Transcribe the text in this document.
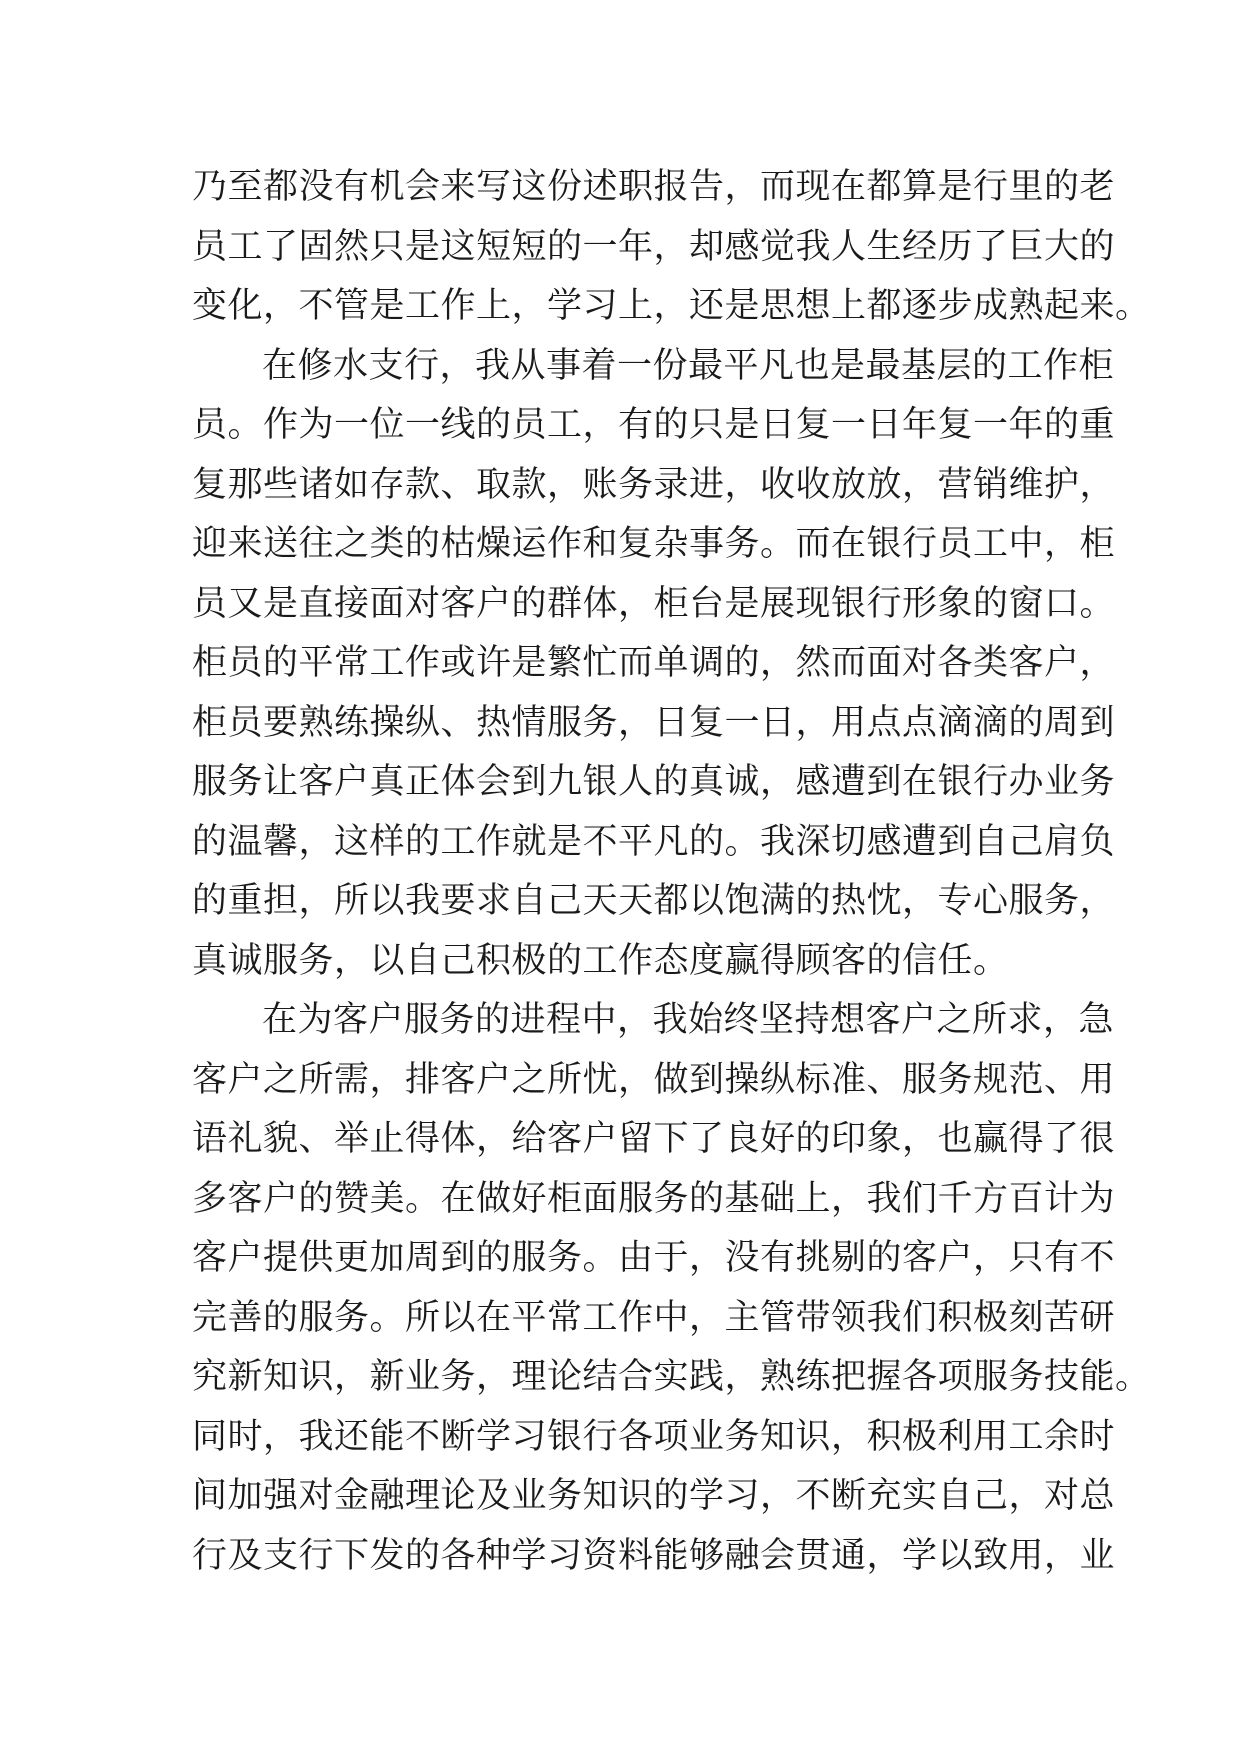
乃至都没有机会来写这份述职报告，而现在都算是行里的老
员工了固然只是这短短的一年，却感觉我人生经历了巨大的
变化，不管是工作上，学习上，还是思想上都逐步成熟起来。
在修水支行，我从事着一份最平凡也是最基层的工作柜
员。作为一位一线的员工，有的只是日复一日年复一年的重
复那些诸如存款、取款，账务录进，收收放放，营销维护，
迎来送往之类的枯燥运作和复杂事务。而在银行员工中，柜
员又是直接面对客户的群体，柜台是展现银行形象的窗口。
柜员的平常工作或许是繁忙而单调的，然而面对各类客户，
柜员要熟练操纵、热情服务，日复一日，用点点滴滴的周到
服务让客户真正体会到九银人的真诚，感遭到在银行办业务
的温馨，这样的工作就是不平凡的。我深切感遭到自己肩负
的重担，所以我要求自己天天都以饱满的热忱，专心服务，
真诚服务，以自己积极的工作态度赢得顾客的信任。
在为客户服务的进程中，我始终坚持想客户之所求，急
客户之所需，排客户之所忧，做到操纵标准、服务规范、用
语礼貌、举止得体，给客户留下了良好的印象，也赢得了很
多客户的赞美。在做好柜面服务的基础上，我们千方百计为
客户提供更加周到的服务。由于，没有挑剔的客户，只有不
完善的服务。所以在平常工作中，主管带领我们积极刻苦研
究新知识，新业务，理论结合实践，熟练把握各项服务技能。
同时，我还能不断学习银行各项业务知识，积极利用工余时
间加强对金融理论及业务知识的学习，不断充实自己，对总
行及支行下发的各种学习资料能够融会贯通，学以致用，业
